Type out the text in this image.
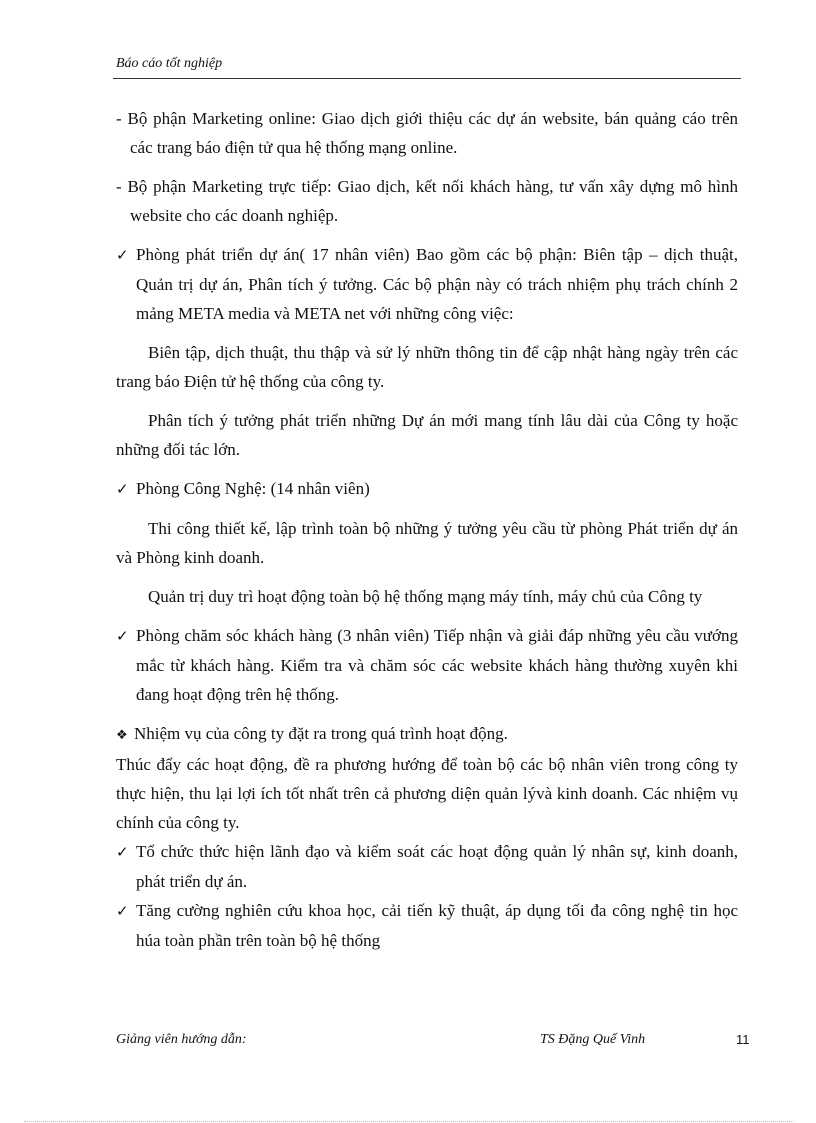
Báo cáo tốt nghiệp

- Bộ phận Marketing online: Giao dịch giới thiệu các dự án website, bán quảng cáo trên các trang báo điện tử qua hệ thống mạng online.

- Bộ phận Marketing trực tiếp: Giao dịch, kết nối khách hàng, tư vấn xây dựng mô hình website cho các doanh nghiệp.

✓ Phòng phát triển dự án( 17 nhân viên) Bao gồm các bộ phận: Biên tập – dịch thuật, Quản trị dự án, Phân tích ý tưởng. Các bộ phận này có trách nhiệm phụ trách chính 2 mảng META media và META net với những công việc:

Biên tập, dịch thuật, thu thập và sử lý nhữn thông tin để cập nhật hàng ngày trên các trang báo Điện tử hệ thống của công ty.

Phân tích ý tưởng phát triển những Dự án mới mang tính lâu dài của Công ty hoặc những đối tác lớn.

✓ Phòng Công Nghệ: (14 nhân viên)

Thi công thiết kế, lập trình toàn bộ những ý tưởng yêu cầu từ phòng Phát triển dự án và Phòng kinh doanh.

Quản trị duy trì hoạt động toàn bộ hệ thống mạng máy tính, máy chủ của Công ty

✓ Phòng chăm sóc khách hàng (3 nhân viên) Tiếp nhận và giải đáp những yêu cầu vướng mắc từ khách hàng. Kiểm tra và chăm sóc các website khách hàng thường xuyên khi đang hoạt động trên hệ thống.

❖ Nhiệm vụ của công ty đặt ra trong quá trình hoạt động.

Thúc đẩy các hoạt động, đề ra phương hướng để toàn bộ các bộ nhân viên trong công ty thực hiện, thu lại lợi ích tốt nhất trên cả phương diện quản lývà kinh doanh. Các nhiệm vụ chính của công ty.

✓ Tổ chức thức hiện lãnh đạo và kiểm soát các hoạt động quản lý nhân sự, kinh doanh, phát triển dự án.

✓ Tăng cường nghiên cứu khoa học, cải tiến kỹ thuật, áp dụng tối đa công nghệ tin học húa toàn phần trên toàn bộ hệ thống

Giảng viên hướng dẫn:	TS Đặng Quế Vinh	11
